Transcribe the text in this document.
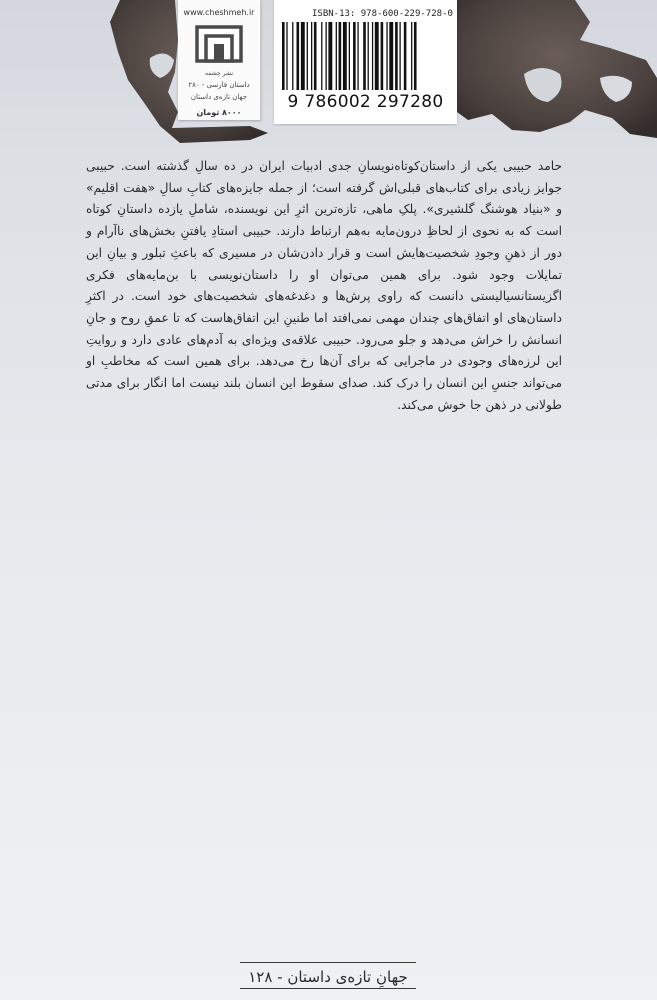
www.cheshmeh.ir
نشر چشمه
داستان فارسی - ۲۸۰
جهان تازه‌ی داستان
۸۰۰۰ تومان
ISBN-13: 978-600-229-728-0
9 786002 297280

حامد حبیبی یکی از داستان‌کوتاه‌نویسانِ جدی ادبیات ایران در ده سالِ گذشته است. حبیبی جوایز زیادی برای کتاب‌های قبلی‌اش گرفته است؛ از جمله جایزه‌های کتابِ سالِ «هفت اقلیم» و «بنیاد هوشنگ گلشیری». پلکِ ماهی، تازه‌ترین اثرِ این نویسنده، شاملِ یازده داستانِ کوتاه است که به نحوی از لحاظِ درون‌مایه به‌هم ارتباط دارند. حبیبی استادِ یافتنِ بخش‌های ناآرام و دور از ذهنِ وجودِ شخصیت‌هایش است و قرار دادن‌شان در مسیری که باعثِ تبلور و بیانِ این تمایلات وجود شود. برای همین می‌توان او را داستان‌نویسی با بن‌مایه‌های فکری اگزیستانسیالیستی دانست که راوی پرش‌ها و دغدغه‌های شخصیت‌های خود است. در اکثرِ داستان‌های او اتفاق‌های چندان مهمی نمی‌افتد اما طنینِ این اتفاق‌هاست که تا عمقِ روح و جانِ انسانش را خراش می‌دهد و جلو می‌رود. حبیبی علاقه‌ی ویژه‌ای به آدم‌های عادی دارد و روایتِ این لرزه‌های وجودی در ماجرایی که برای آن‌ها رخ می‌دهد. برای همین است که مخاطبِ او می‌تواند جنسِ این انسان را درک کند. صدای سقوط این انسان بلند نیست اما انگار برای مدتی طولانی در ذهن جا خوش می‌کند.

جهانِ تازه‌ی داستان - ۱۲۸
